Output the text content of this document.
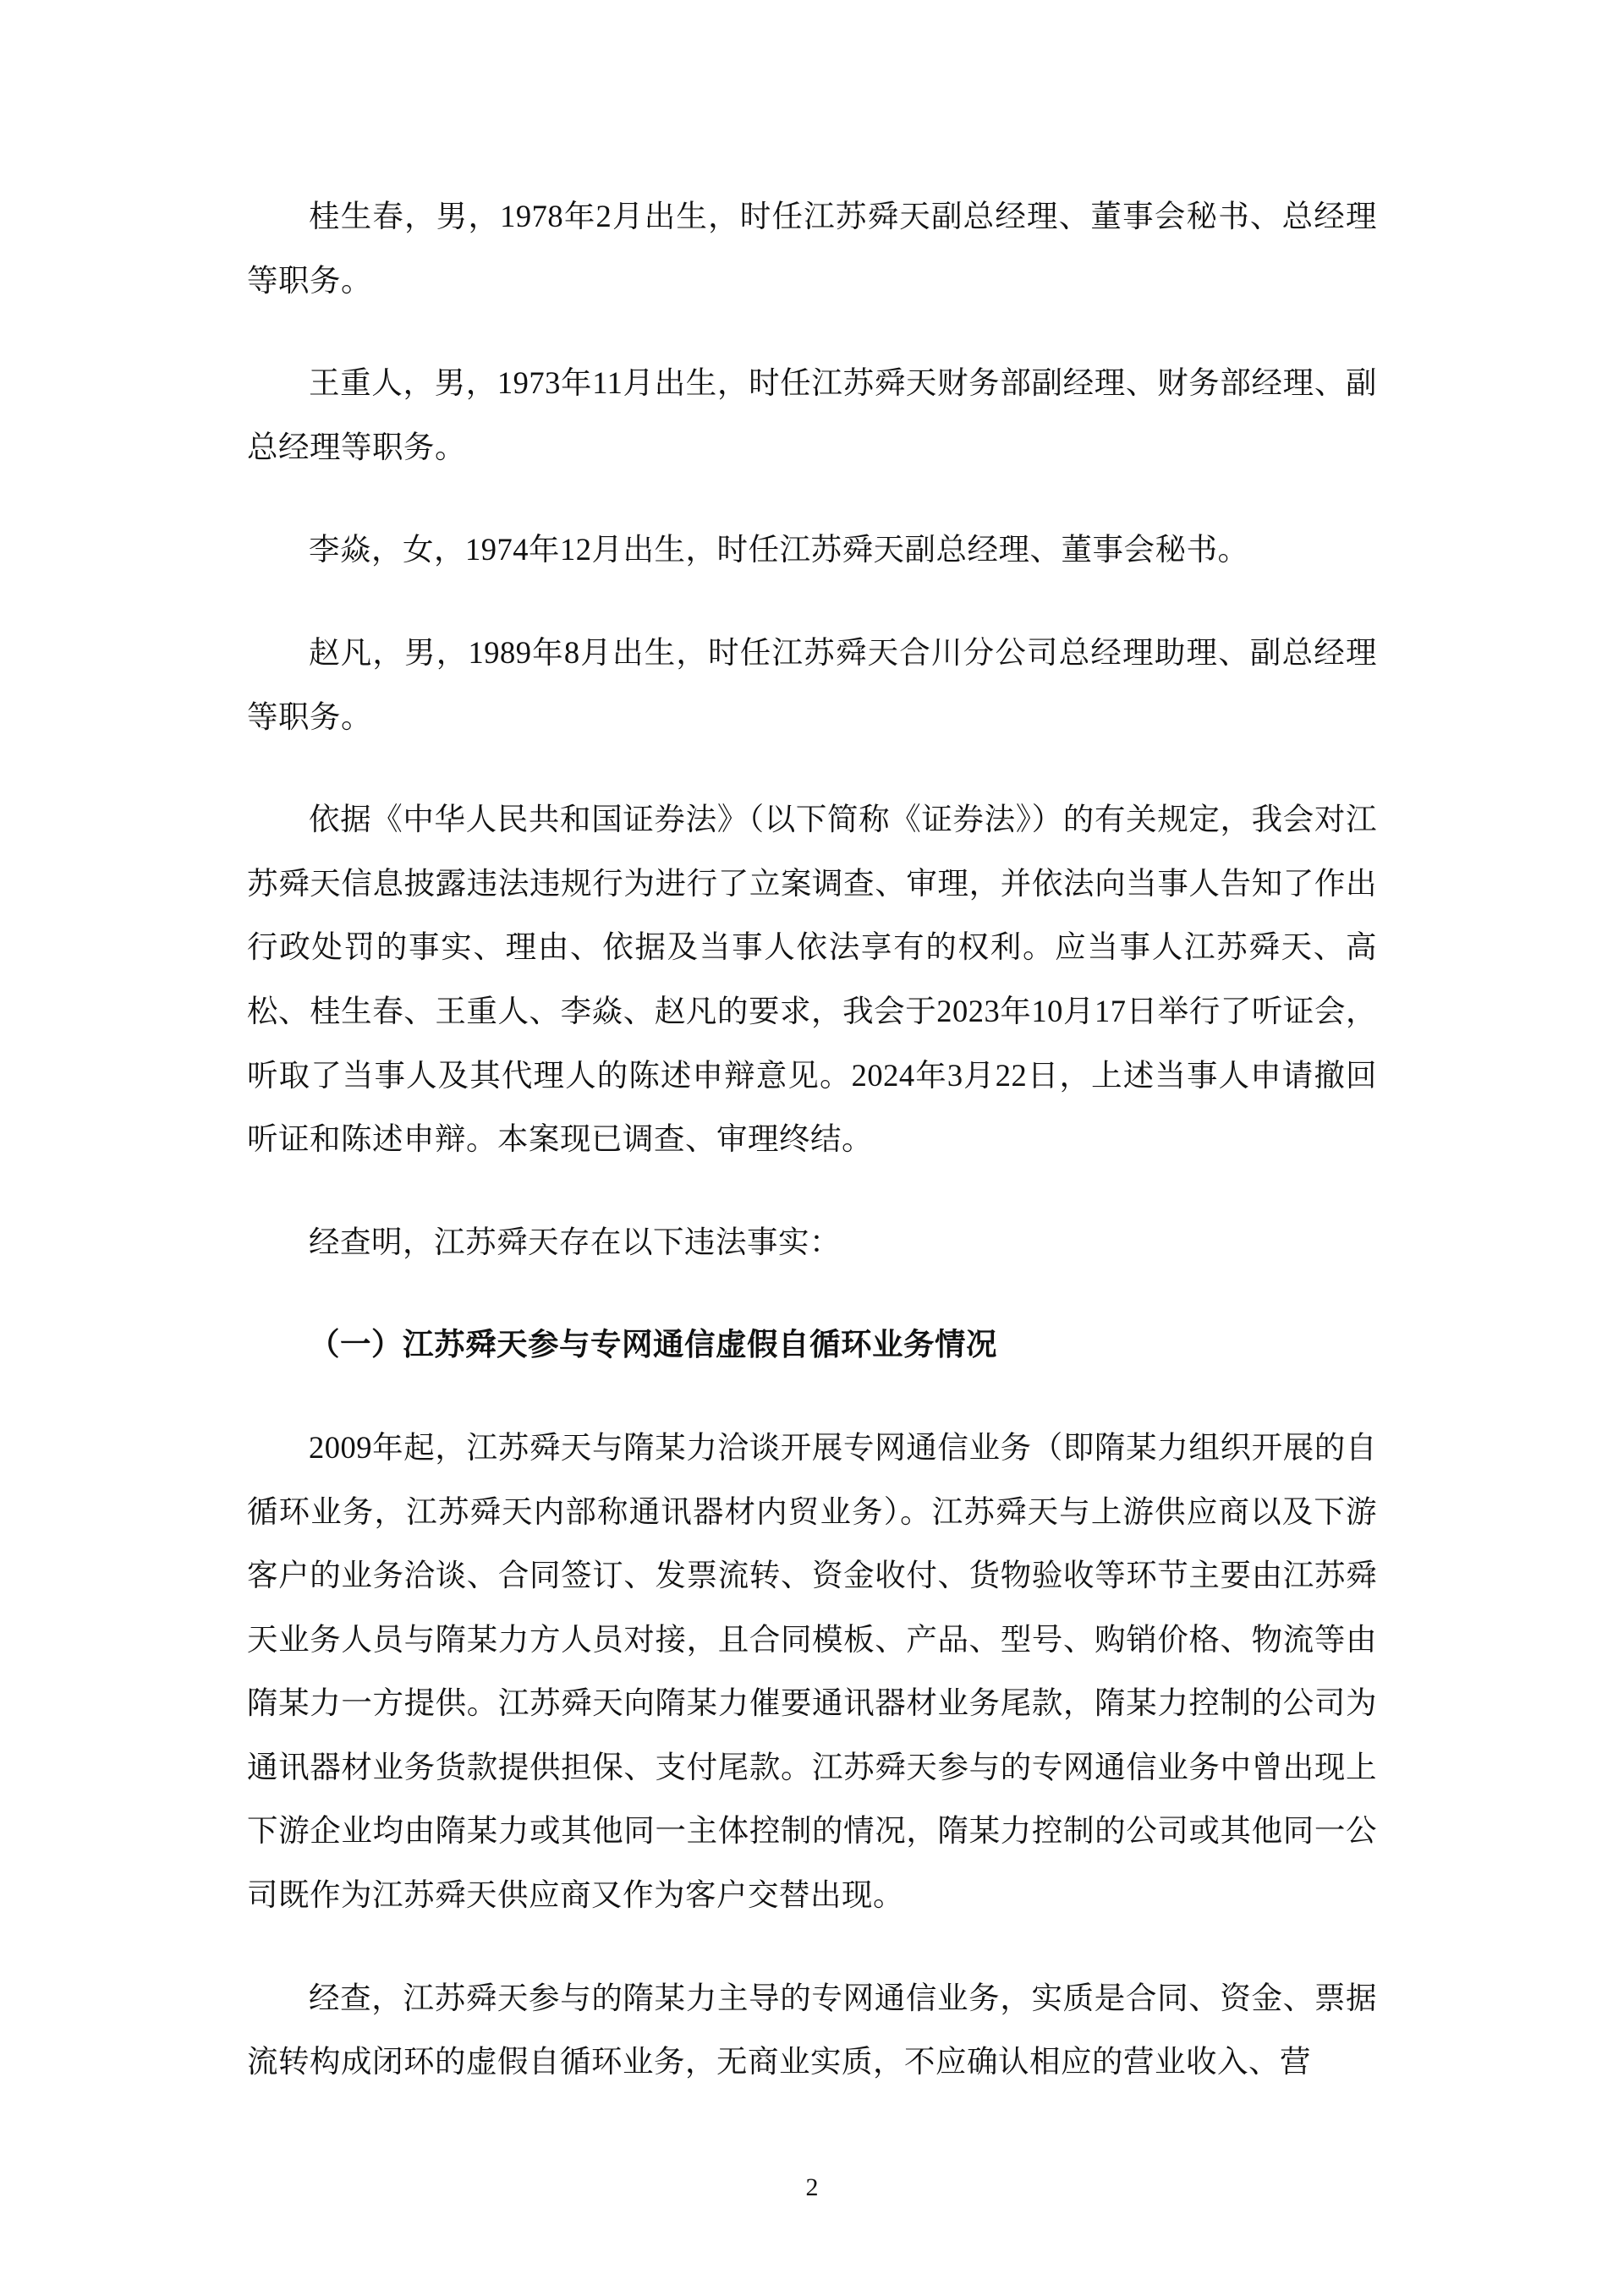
桂生春，男，1978年2月出生，时任江苏舜天副总经理、董事会秘书、总经理等职务。

王重人，男，1973年11月出生，时任江苏舜天财务部副经理、财务部经理、副总经理等职务。

李焱，女，1974年12月出生，时任江苏舜天副总经理、董事会秘书。

赵凡，男，1989年8月出生，时任江苏舜天合川分公司总经理助理、副总经理等职务。

依据《中华人民共和国证券法》（以下简称《证券法》）的有关规定，我会对江苏舜天信息披露违法违规行为进行了立案调查、审理，并依法向当事人告知了作出行政处罚的事实、理由、依据及当事人依法享有的权利。应当事人江苏舜天、高松、桂生春、王重人、李焱、赵凡的要求，我会于2023年10月17日举行了听证会，听取了当事人及其代理人的陈述申辩意见。2024年3月22日，上述当事人申请撤回听证和陈述申辩。本案现已调查、审理终结。

经查明，江苏舜天存在以下违法事实：

（一）江苏舜天参与专网通信虚假自循环业务情况

2009年起，江苏舜天与隋某力洽谈开展专网通信业务（即隋某力组织开展的自循环业务，江苏舜天内部称通讯器材内贸业务）。江苏舜天与上游供应商以及下游客户的业务洽谈、合同签订、发票流转、资金收付、货物验收等环节主要由江苏舜天业务人员与隋某力方人员对接，且合同模板、产品、型号、购销价格、物流等由隋某力一方提供。江苏舜天向隋某力催要通讯器材业务尾款，隋某力控制的公司为通讯器材业务货款提供担保、支付尾款。江苏舜天参与的专网通信业务中曾出现上下游企业均由隋某力或其他同一主体控制的情况，隋某力控制的公司或其他同一公司既作为江苏舜天供应商又作为客户交替出现。

经查，江苏舜天参与的隋某力主导的专网通信业务，实质是合同、资金、票据流转构成闭环的虚假自循环业务，无商业实质，不应确认相应的营业收入、营

2
